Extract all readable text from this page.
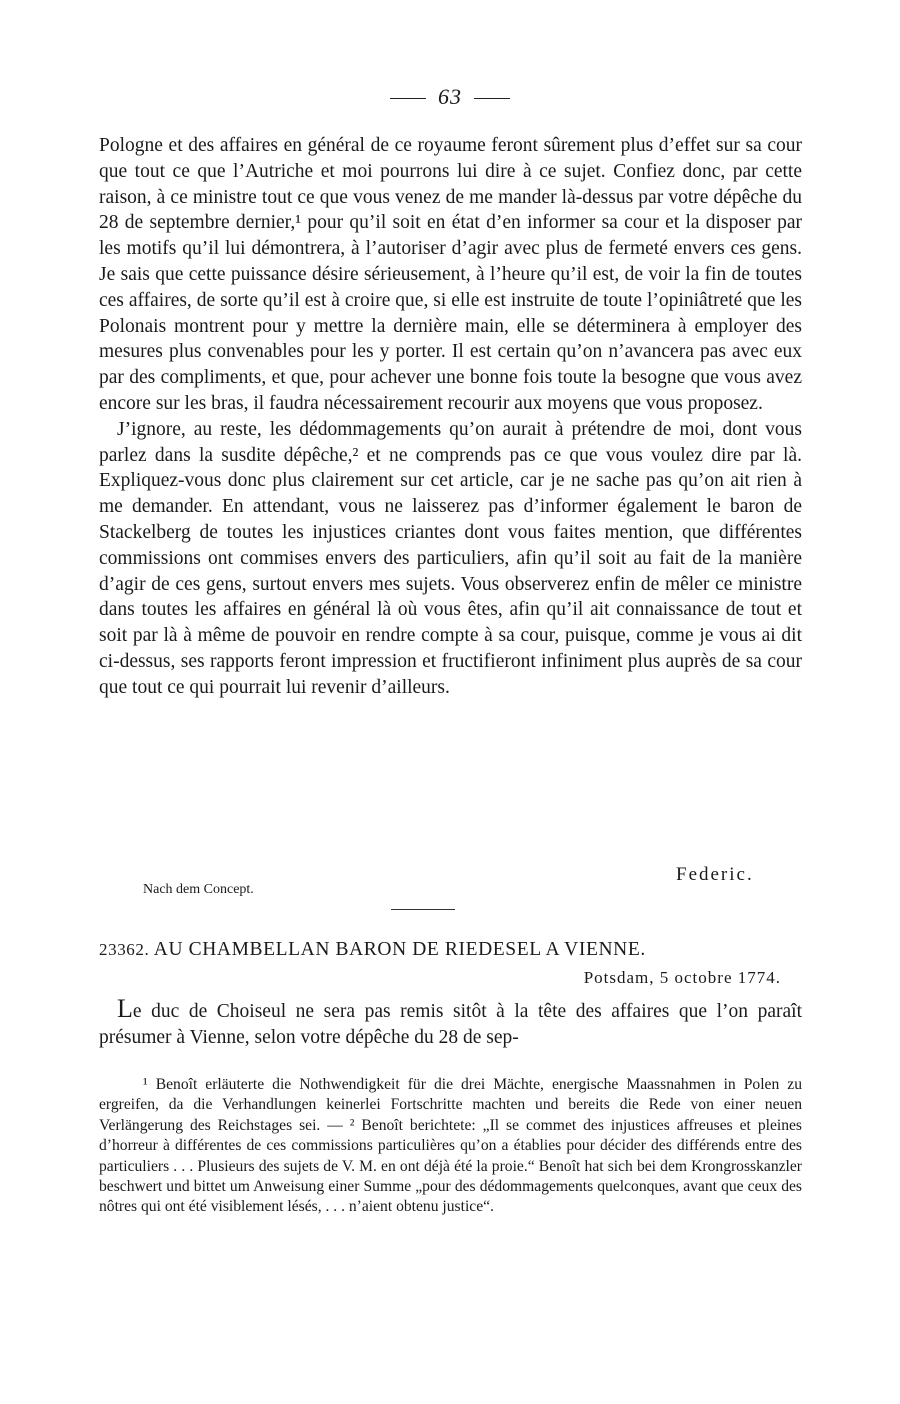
63

Pologne et des affaires en général de ce royaume feront sûrement plus d’effet sur sa cour que tout ce que l’Autriche et moi pourrons lui dire à ce sujet. Confiez donc, par cette raison, à ce ministre tout ce que vous venez de me mander là-dessus par votre dépêche du 28 de septembre dernier,¹ pour qu’il soit en état d’en informer sa cour et la disposer par les motifs qu’il lui démontrera, à l’autoriser d’agir avec plus de fermeté envers ces gens. Je sais que cette puissance désire sérieusement, à l’heure qu’il est, de voir la fin de toutes ces affaires, de sorte qu’il est à croire que, si elle est instruite de toute l’opiniâtreté que les Polonais montrent pour y mettre la dernière main, elle se déterminera à employer des mesures plus convenables pour les y porter. Il est certain qu’on n’avancera pas avec eux par des compliments, et que, pour achever une bonne fois toute la besogne que vous avez encore sur les bras, il faudra nécessairement recourir aux moyens que vous proposez.

J’ignore, au reste, les dédommagements qu’on aurait à prétendre de moi, dont vous parlez dans la susdite dépêche,² et ne comprends pas ce que vous voulez dire par là. Expliquez-vous donc plus clairement sur cet article, car je ne sache pas qu’on ait rien à me demander. En attendant, vous ne laisserez pas d’informer également le baron de Stackelberg de toutes les injustices criantes dont vous faites mention, que différentes commissions ont commises envers des particuliers, afin qu’il soit au fait de la manière d’agir de ces gens, surtout envers mes sujets. Vous observerez enfin de mêler ce ministre dans toutes les affaires en général là où vous êtes, afin qu’il ait connaissance de tout et soit par là à même de pouvoir en rendre compte à sa cour, puisque, comme je vous ai dit ci-dessus, ses rapports feront impression et fructifieront infiniment plus auprès de sa cour que tout ce qui pourrait lui revenir d’ailleurs.

Federic.
Nach dem Concept.
23362. AU CHAMBELLAN BARON DE RIEDESEL A VIENNE.
Potsdam, 5 octobre 1774.

Le duc de Choiseul ne sera pas remis sitôt à la tête des affaires que l’on paraît présumer à Vienne, selon votre dépêche du 28 de sep-

¹ Benoît erläuterte die Nothwendigkeit für die drei Mächte, energische Maassnahmen in Polen zu ergreifen, da die Verhandlungen keinerlei Fortschritte machten und bereits die Rede von einer neuen Verlängerung des Reichstages sei. — ² Benoît berichtete: „Il se commet des injustices affreuses et pleines d’horreur à différentes de ces commissions particulières qu’on a établies pour décider des différends entre des particuliers . . . Plusieurs des sujets de V. M. en ont déjà été la proie.“ Benoît hat sich bei dem Krongrosskanzler beschwert und bittet um Anweisung einer Summe „pour des dédommagements quelconques, avant que ceux des nôtres qui ont été visiblement lésés, . . . n’aient obtenu justice“.
